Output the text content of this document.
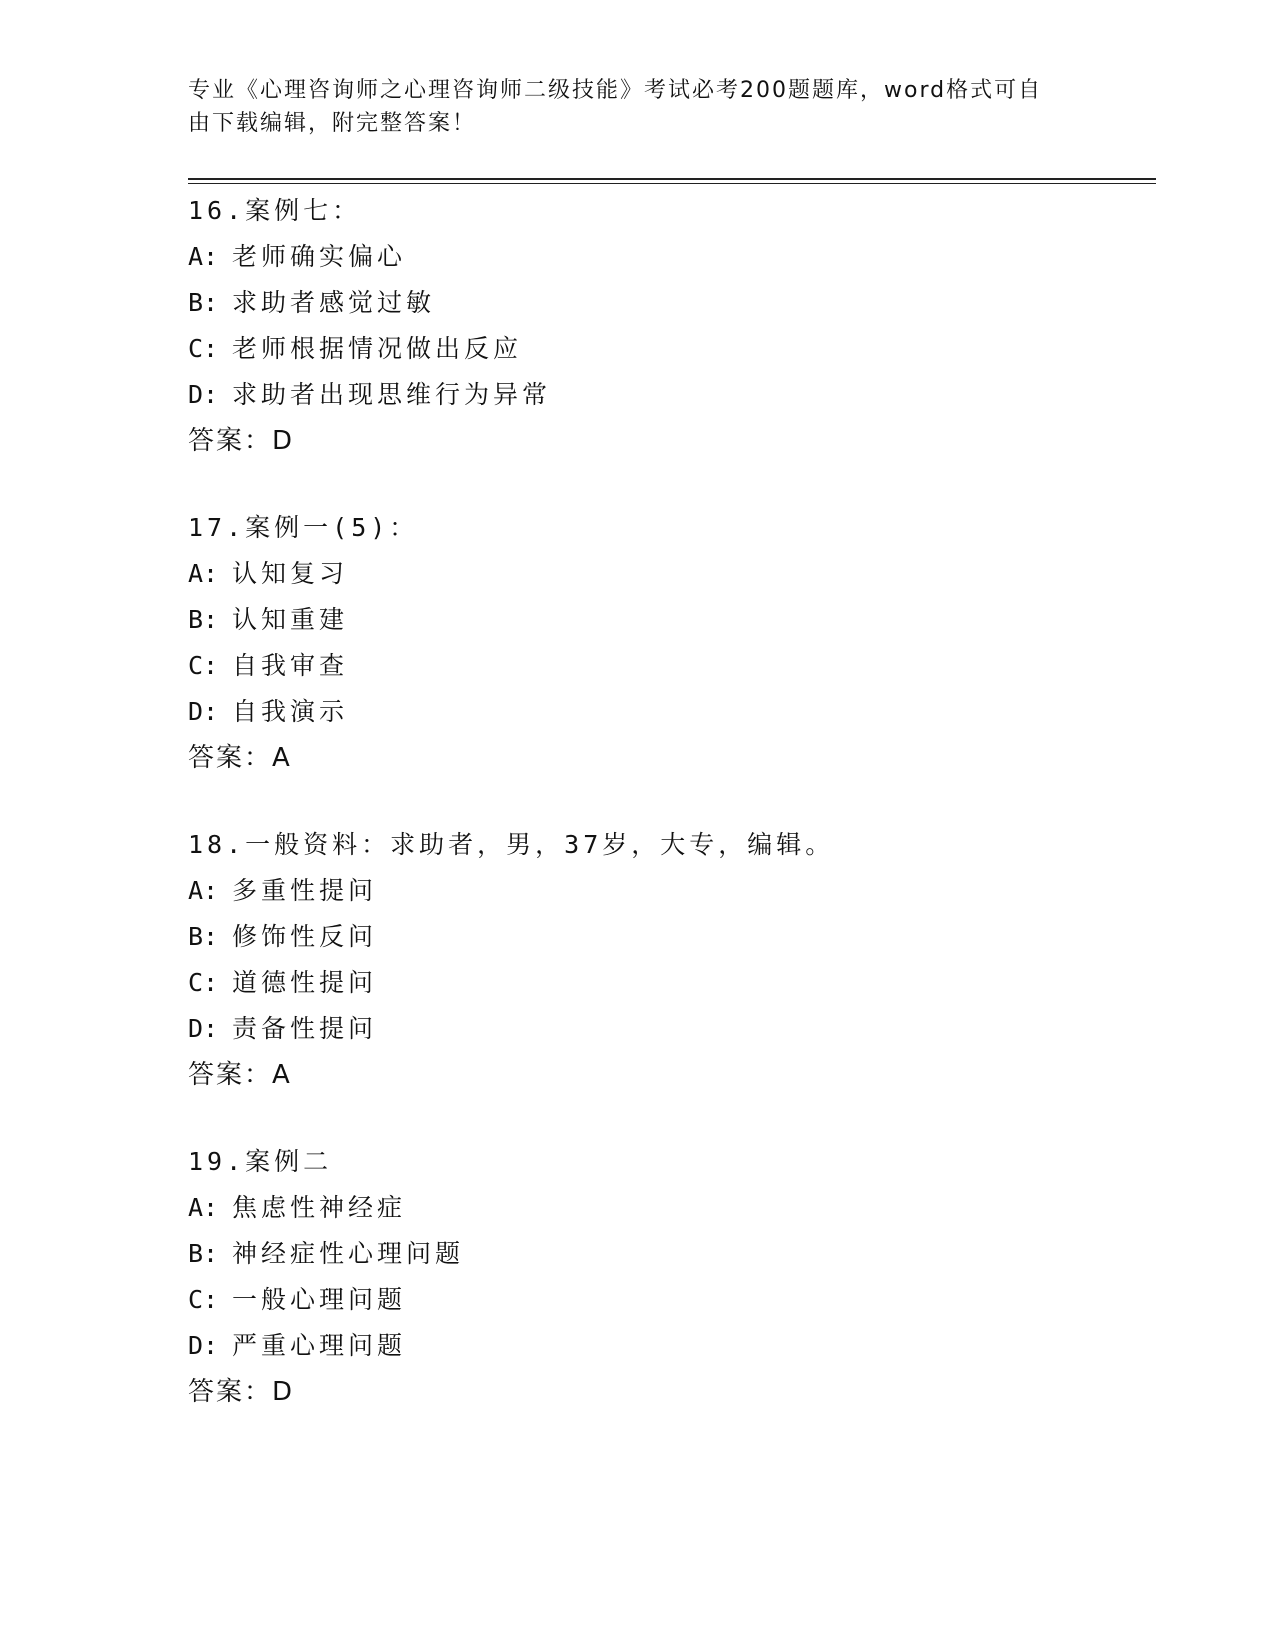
专业《心理咨询师之心理咨询师二级技能》考试必考200题题库，word格式可自
由下载编辑，附完整答案！
16.案例七：
A: 老师确实偏心
B: 求助者感觉过敏
C: 老师根据情况做出反应
D: 求助者出现思维行为异常
答案：D
17.案例一(5)：
A: 认知复习
B: 认知重建
C: 自我审查
D: 自我演示
答案：A
18.一般资料：求助者，男，37岁，大专，编辑。
A: 多重性提问
B: 修饰性反问
C: 道德性提问
D: 责备性提问
答案：A
19.案例二
A: 焦虑性神经症
B: 神经症性心理问题
C: 一般心理问题
D: 严重心理问题
答案：D
